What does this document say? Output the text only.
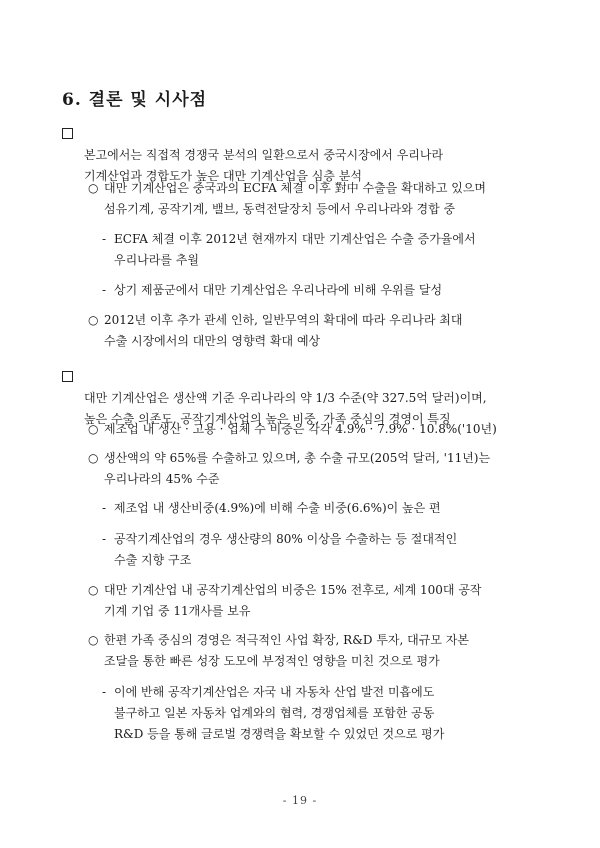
6. 결론 및 시사점
본고에서는 직접적 경쟁국 분석의 일환으로서 중국시장에서 우리나라
기계산업과 경합도가 높은 대만 기계산업을 심층 분석
○ 대만 기계산업은 중국과의 ECFA 체결 이후 對中 수출을 확대하고 있으며
섬유기계, 공작기계, 밸브, 동력전달장치 등에서 우리나라와 경합 중
- ECFA 체결 이후 2012년 현재까지 대만 기계산업은 수출 증가율에서
우리나라를 추월
- 상기 제품군에서 대만 기계산업은 우리나라에 비해 우위를 달성
○ 2012년 이후 추가 관세 인하, 일반무역의 확대에 따라 우리나라 최대
수출 시장에서의 대만의 영향력 확대 예상
대만 기계산업은 생산액 기준 우리나라의 약 1/3 수준(약 327.5억 달러)이며,
높은 수출 의존도, 공작기계산업의 높은 비중, 가족 중심의 경영이 특징
○ 제조업 내 생산 · 고용 · 업체 수 비중은 각각 4.9% · 7.9% · 10.8%('10년)
○ 생산액의 약 65%를 수출하고 있으며, 총 수출 규모(205억 달러, '11년)는
우리나라의 45% 수준
- 제조업 내 생산비중(4.9%)에 비해 수출 비중(6.6%)이 높은 편
- 공작기계산업의 경우 생산량의 80% 이상을 수출하는 등 절대적인
수출 지향 구조
○ 대만 기계산업 내 공작기계산업의 비중은 15% 전후로, 세계 100대 공작
기계 기업 중 11개사를 보유
○ 한편 가족 중심의 경영은 적극적인 사업 확장, R&D 투자, 대규모 자본
조달을 통한 빠른 성장 도모에 부정적인 영향을 미친 것으로 평가
- 이에 반해 공작기계산업은 자국 내 자동차 산업 발전 미흡에도
불구하고 일본 자동차 업계와의 협력, 경쟁업체를 포함한 공동
R&D 등을 통해 글로벌 경쟁력을 확보할 수 있었던 것으로 평가
- 19 -
